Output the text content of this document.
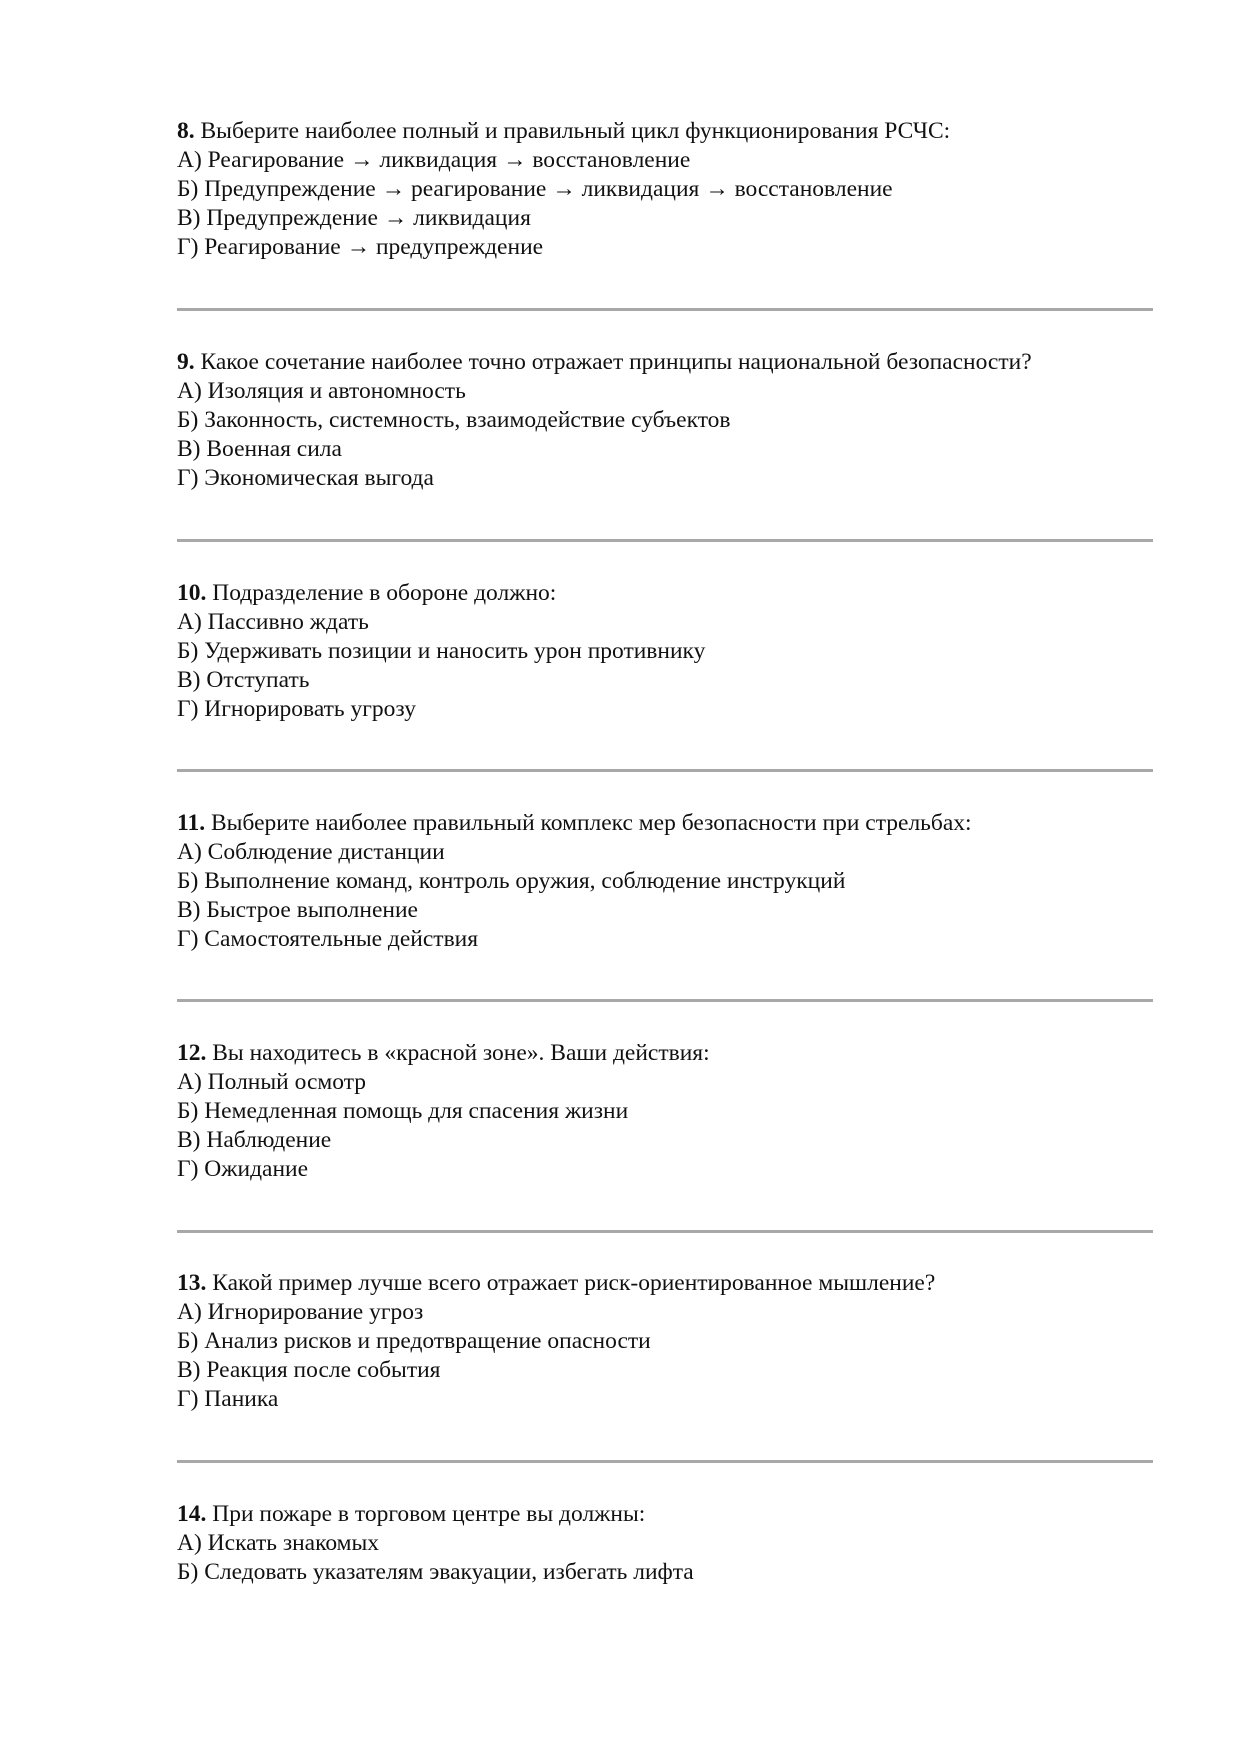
8. Выберите наиболее полный и правильный цикл функционирования РСЧС:
А) Реагирование → ликвидация → восстановление
Б) Предупреждение → реагирование → ликвидация → восстановление
В) Предупреждение → ликвидация
Г) Реагирование → предупреждение
9. Какое сочетание наиболее точно отражает принципы национальной безопасности?
А) Изоляция и автономность
Б) Законность, системность, взаимодействие субъектов
В) Военная сила
Г) Экономическая выгода
10. Подразделение в обороне должно:
А) Пассивно ждать
Б) Удерживать позиции и наносить урон противнику
В) Отступать
Г) Игнорировать угрозу
11. Выберите наиболее правильный комплекс мер безопасности при стрельбах:
А) Соблюдение дистанции
Б) Выполнение команд, контроль оружия, соблюдение инструкций
В) Быстрое выполнение
Г) Самостоятельные действия
12. Вы находитесь в «красной зоне». Ваши действия:
А) Полный осмотр
Б) Немедленная помощь для спасения жизни
В) Наблюдение
Г) Ожидание
13. Какой пример лучше всего отражает риск-ориентированное мышление?
А) Игнорирование угроз
Б) Анализ рисков и предотвращение опасности
В) Реакция после события
Г) Паника
14. При пожаре в торговом центре вы должны:
А) Искать знакомых
Б) Следовать указателям эвакуации, избегать лифта
